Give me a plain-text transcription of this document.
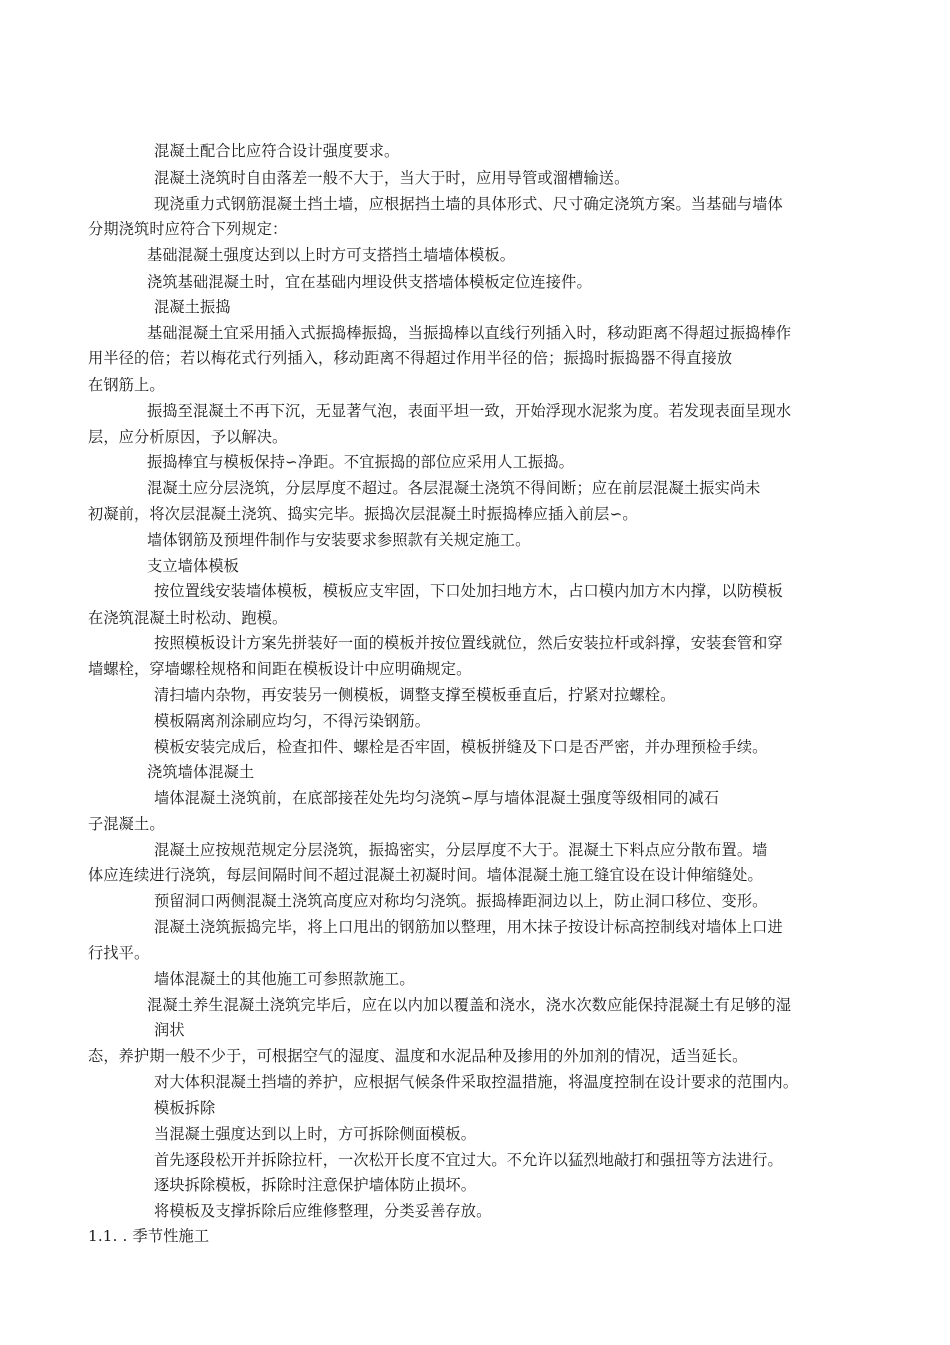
混凝土配合比应符合设计强度要求。
混凝土浇筑时自由落差一般不大于，当大于时，应用导管或溜槽输送。
现浇重力式钢筋混凝土挡土墙，应根据挡土墙的具体形式、尺寸确定浇筑方案。当基础与墙体
分期浇筑时应符合下列规定：
基础混凝土强度达到以上时方可支搭挡土墙墙体模板。
浇筑基础混凝土时，宜在基础内埋设供支搭墙体模板定位连接件。
混凝土振捣
基础混凝土宜采用插入式振捣棒振捣，当振捣棒以直线行列插入时，移动距离不得超过振捣棒作
用半径的倍；若以梅花式行列插入，移动距离不得超过作用半径的倍；振捣时振捣器不得直接放
在钢筋上。
振捣至混凝土不再下沉，无显著气泡，表面平坦一致，开始浮现水泥浆为度。若发现表面呈现水
层，应分析原因，予以解决。
振捣棒宜与模板保持∽净距。不宜振捣的部位应采用人工振捣。
混凝土应分层浇筑，分层厚度不超过。各层混凝土浇筑不得间断；应在前层混凝土振实尚未
初凝前，将次层混凝土浇筑、捣实完毕。振捣次层混凝土时振捣棒应插入前层∽。
墙体钢筋及预埋件制作与安装要求参照款有关规定施工。
支立墙体模板
按位置线安装墙体模板，模板应支牢固，下口处加扫地方木，占口模内加方木内撑，以防模板
在浇筑混凝土时松动、跑模。
按照模板设计方案先拼装好一面的模板并按位置线就位，然后安装拉杆或斜撑，安装套管和穿
墙螺栓，穿墙螺栓规格和间距在模板设计中应明确规定。
清扫墙内杂物，再安装另一侧模板，调整支撑至模板垂直后，拧紧对拉螺栓。
模板隔离剂涂刷应均匀，不得污染钢筋。
模板安装完成后，检查扣件、螺栓是否牢固，模板拼缝及下口是否严密，并办理预检手续。
浇筑墙体混凝土
墙体混凝土浇筑前，在底部接茬处先均匀浇筑∽厚与墙体混凝土强度等级相同的减石
子混凝土。
混凝土应按规范规定分层浇筑，振捣密实，分层厚度不大于。混凝土下料点应分散布置。墙
体应连续进行浇筑，每层间隔时间不超过混凝土初凝时间。墙体混凝土施工缝宜设在设计伸缩缝处。
预留洞口两侧混凝土浇筑高度应对称均匀浇筑。振捣棒距洞边以上，防止洞口移位、变形。
混凝土浇筑振捣完毕，将上口甩出的钢筋加以整理，用木抹子按设计标高控制线对墙体上口进
行找平。
墙体混凝土的其他施工可参照款施工。
混凝土养生混凝土浇筑完毕后，应在以内加以覆盖和浇水，浇水次数应能保持混凝土有足够的湿
润状
态，养护期一般不少于，可根据空气的湿度、温度和水泥品种及掺用的外加剂的情况，适当延长。
对大体积混凝土挡墙的养护，应根据气候条件采取控温措施，将温度控制在设计要求的范围内。
模板拆除
当混凝土强度达到以上时，方可拆除侧面模板。
首先逐段松开并拆除拉杆，一次松开长度不宜过大。不允许以猛烈地敲打和强扭等方法进行。
逐块拆除模板，拆除时注意保护墙体防止损坏。
将模板及支撑拆除后应维修整理，分类妥善存放。
1.1. . 季节性施工
